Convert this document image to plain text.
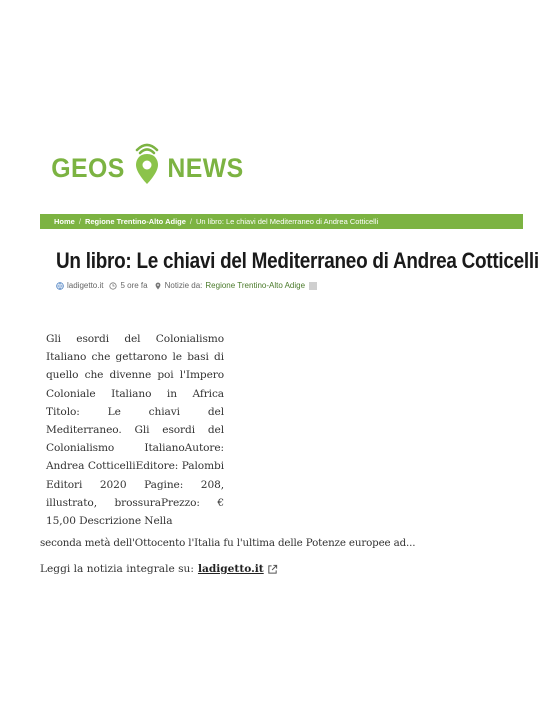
GEOS NEWS
Home / Regione Trentino-Alto Adige / Un libro: Le chiavi del Mediterraneo di Andrea Cotticelli
Un libro: Le chiavi del Mediterraneo di Andrea Cotticelli
ladigetto.it 5 ore fa Notizie da: Regione Trentino-Alto Adige
Gli esordi del Colonialismo Italiano che gettarono le basi di quello che divenne poi l'Impero Coloniale Italiano in Africa Titolo: Le chiavi del Mediterraneo. Gli esordi del Colonialismo ItalianoAutore: Andrea CotticelliEditore: Palombi Editori 2020 Pagine: 208, illustrato, brossuraPrezzo: € 15,00 Descrizione Nella
seconda metà dell'Ottocento l'Italia fu l'ultima delle Potenze europee ad...
Leggi la notizia integrale su: ladigetto.it
